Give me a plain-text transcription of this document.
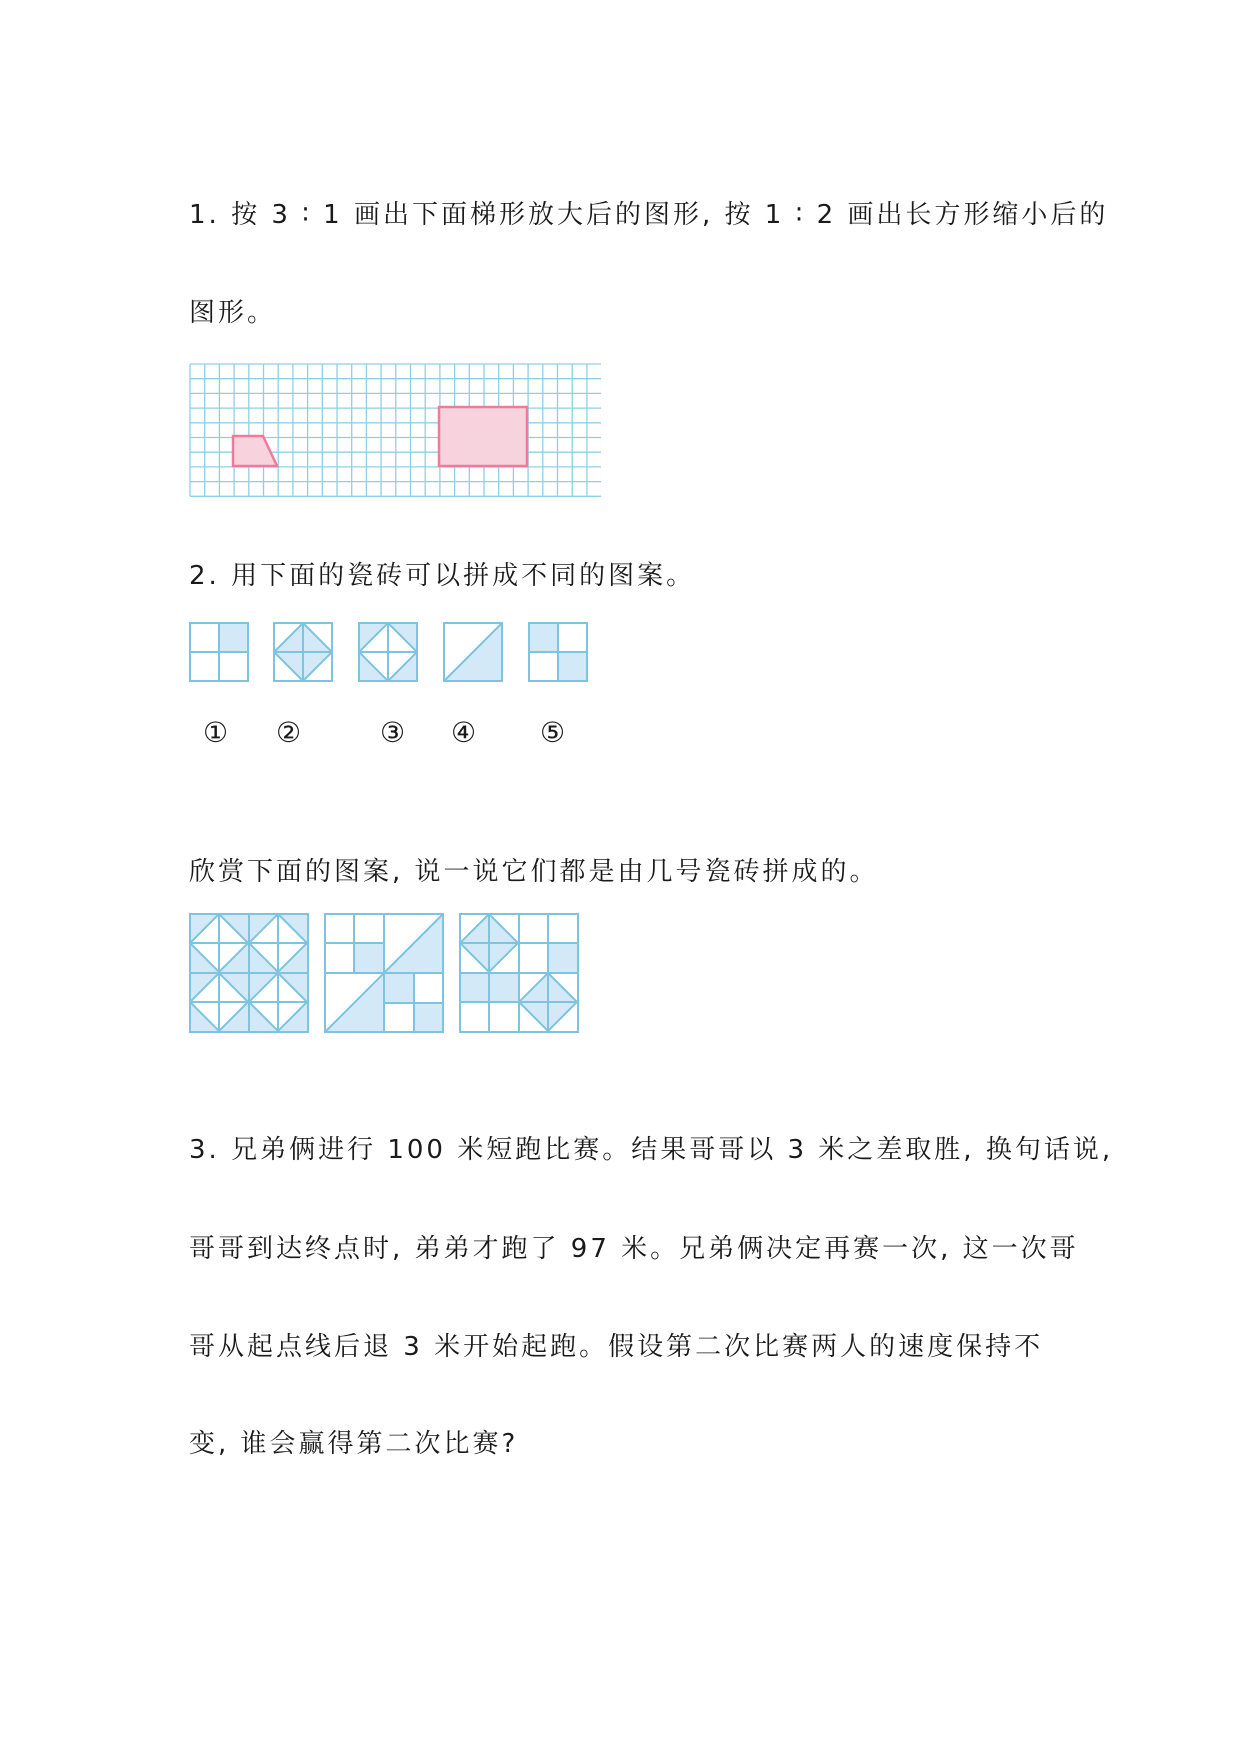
1. 按 3 ∶ 1 画出下面梯形放大后的图形, 按 1 ∶ 2 画出长方形缩小后的
图形。
2. 用下面的瓷砖可以拼成不同的图案。
① ②	③ ④ ⑤
欣赏下面的图案, 说一说它们都是由几号瓷砖拼成的。
3. 兄弟俩进行 100 米短跑比赛。结果哥哥以 3 米之差取胜, 换句话说,
哥哥到达终点时, 弟弟才跑了 97 米。兄弟俩决定再赛一次, 这一次哥
哥从起点线后退 3 米开始起跑。假设第二次比赛两人的速度保持不
变, 谁会赢得第二次比赛?
